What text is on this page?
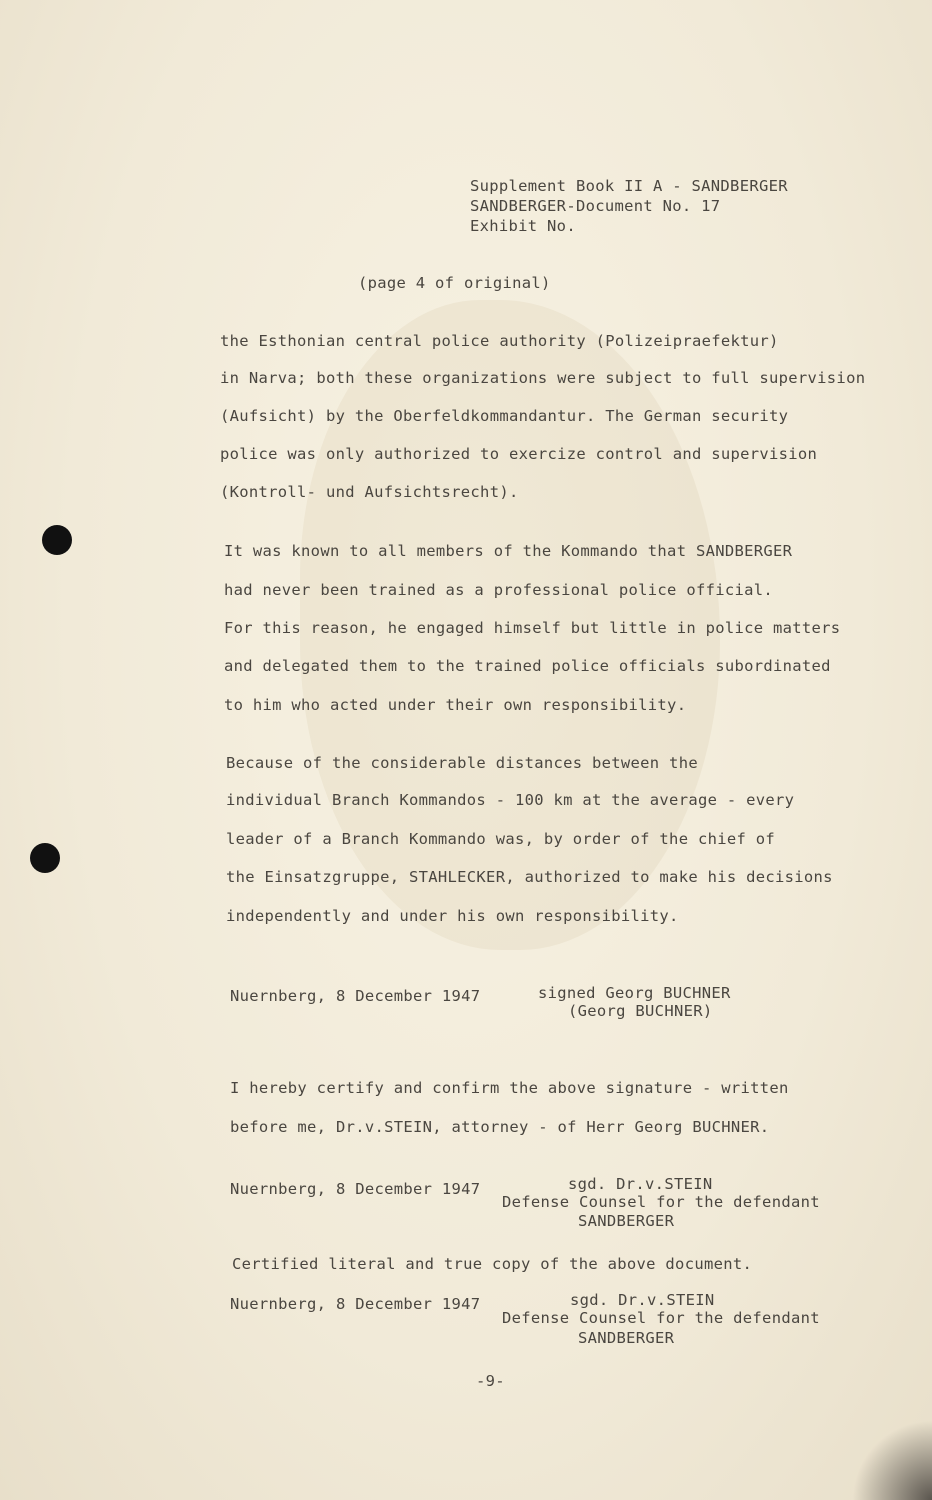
Supplement Book II A - SANDBERGER
SANDBERGER-Document No. 17
Exhibit No.
(page 4 of original)
the Esthonian central police authority (Polizeipraefektur)
in Narva; both these organizations were subject to full supervision
(Aufsicht) by the Oberfeldkommandantur. The German security
police was only authorized to exercize control and supervision
(Kontroll- und Aufsichtsrecht).
It was known to all members of the Kommando that SANDBERGER
had never been trained as a professional police official.
For this reason, he engaged himself but little in police matters
and delegated them to the trained police officials subordinated
to him who acted under their own responsibility.
Because of the considerable distances between the
individual Branch Kommandos - 100 km at the average - every
leader of a Branch Kommando was, by order of the chief of
the Einsatzgruppe, STAHLECKER, authorized to make his decisions
independently and under his own responsibility.
Nuernberg, 8 December 1947	signed Georg BUCHNER
(Georg BUCHNER)
I hereby certify and confirm the above signature - written
before me, Dr.v.STEIN, attorney - of Herr Georg BUCHNER.
Nuernberg, 8 December 1947	sgd. Dr.v.STEIN
Defense Counsel for the defendant
SANDBERGER
Certified literal and true copy of the above document.
Nuernberg, 8 December 1947	sgd. Dr.v.STEIN
Defense Counsel for the defendant
SANDBERGER
-9-
